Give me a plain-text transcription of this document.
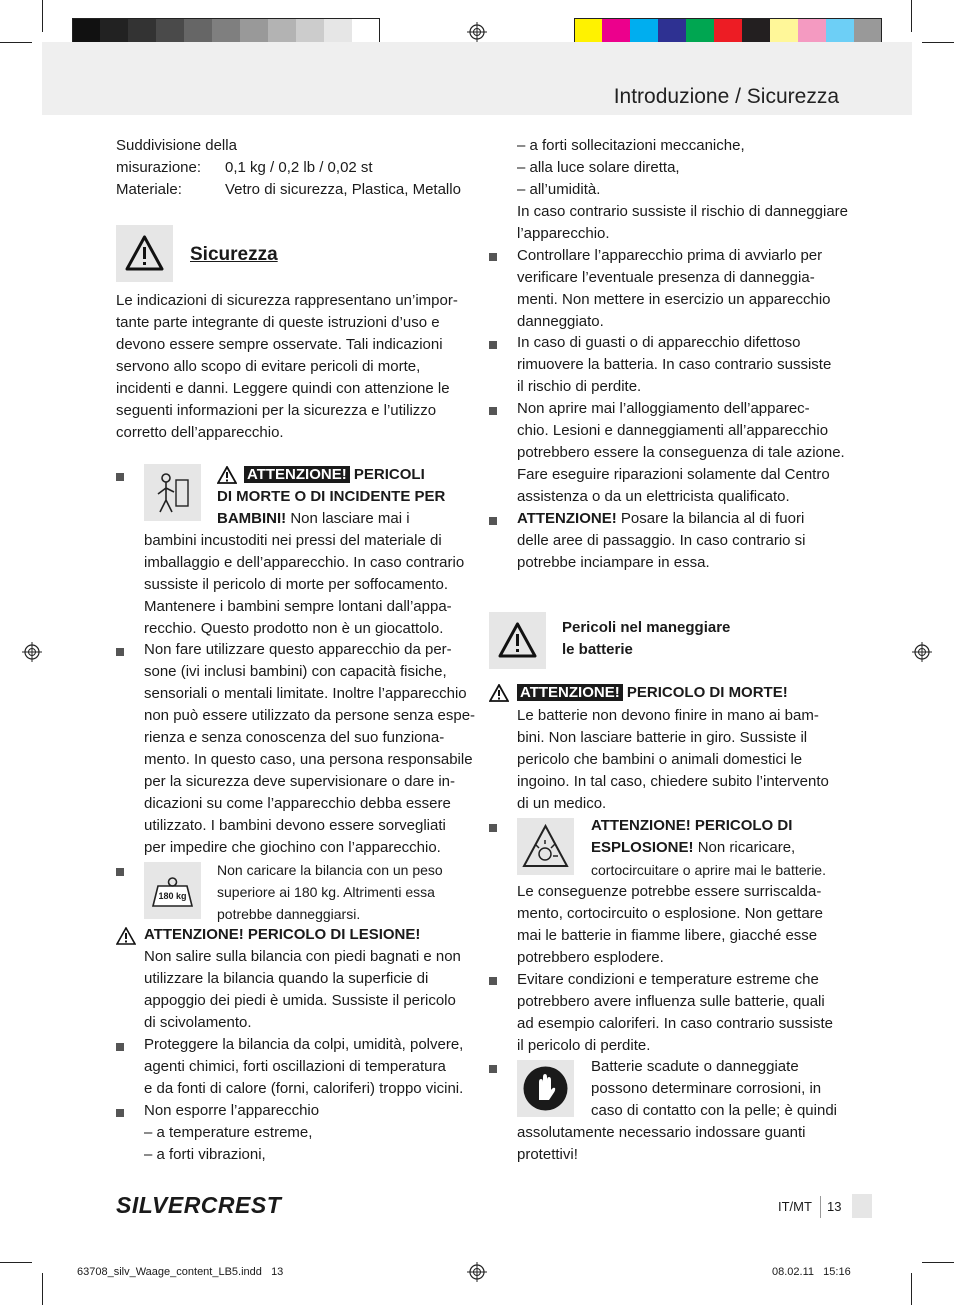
Introduzione / Sicurezza
Suddivisione della
misurazione: 0,1 kg / 0,2 lb / 0,02 st
Materiale:	Vetro di sicurezza, Plastica, Metallo
Sicurezza
Le indicazioni di sicurezza rappresentano un’impor-
tante parte integrante di queste istruzioni d’uso e
devono essere sempre osservate. Tali indicazioni
servono allo scopo di evitare pericoli di morte,
incidenti e danni. Leggere quindi con attenzione le
seguenti informazioni per la sicurezza e l’utilizzo
corretto dell’apparecchio.
ATTENZIONE! PERICOLI
DI MORTE O DI INCIDENTE PER
BAMBINI! Non lasciare mai i
bambini incustoditi nei pressi del materiale di
imballaggio e dell’apparecchio. In caso contrario
sussiste il pericolo di morte per soffocamento.
Mantenere i bambini sempre lontani dall’appa-
recchio. Questo prodotto non è un giocattolo.
Non fare utilizzare questo apparecchio da per-
sone (ivi inclusi bambini) con capacità fisiche,
sensoriali o mentali limitate. Inoltre l’apparecchio
non può essere utilizzato da persone senza espe-
rienza e senza conoscenza del suo funziona-
mento. In questo caso, una persona responsabile
per la sicurezza deve supervisionare o dare in-
dicazioni su come l’apparecchio debba essere
utilizzato. I bambini devono essere sorvegliati
per impedire che giochino con l’apparecchio.
180 kg
Non caricare la bilancia con un peso
superiore ai 180 kg. Altrimenti essa
potrebbe danneggiarsi.
ATTENZIONE! PERICOLO DI LESIONE!
Non salire sulla bilancia con piedi bagnati e non
utilizzare la bilancia quando la superficie di
appoggio dei piedi è umida. Sussiste il pericolo
di scivolamento.
Proteggere la bilancia da colpi, umidità, polvere,
agenti chimici, forti oscillazioni di temperatura
e da fonti di calore (forni, caloriferi) troppo vicini.
Non esporre l’apparecchio
– a temperature estreme,
– a forti vibrazioni,
– a forti sollecitazioni meccaniche,
– alla luce solare diretta,
– all’umidità.
In caso contrario sussiste il rischio di danneggiare
l’apparecchio.
Controllare l’apparecchio prima di avviarlo per
verificare l’eventuale presenza di danneggia-
menti. Non mettere in esercizio un apparecchio
danneggiato.
In caso di guasti o di apparecchio difettoso
rimuovere la batteria. In caso contrario sussiste
il rischio di perdite.
Non aprire mai l’alloggiamento dell’apparec-
chio. Lesioni e danneggiamenti all’apparecchio
potrebbero essere la conseguenza di tale azione.
Fare eseguire riparazioni solamente dal Centro
assistenza o da un elettricista qualificato.
ATTENZIONE! Posare la bilancia al di fuori
delle aree di passaggio. In caso contrario si
potrebbe inciampare in essa.
Pericoli nel maneggiare
le batterie
ATTENZIONE! PERICOLO DI MORTE!
Le batterie non devono finire in mano ai bam-
bini. Non lasciare batterie in giro. Sussiste il
pericolo che bambini o animali domestici le
ingoino. In tal caso, chiedere subito l’intervento
di un medico.
ATTENZIONE! PERICOLO DI
ESPLOSIONE! Non ricaricare,
cortocircuitare o aprire mai le batterie.
Le conseguenze potrebbe essere surriscalda-
mento, cortocircuito o esplosione. Non gettare
mai le batterie in fiamme libere, giacché esse
potrebbero esplodere.
Evitare condizioni e temperature estreme che
potrebbero avere influenza sulle batterie, quali
ad esempio caloriferi. In caso contrario sussiste
il pericolo di perdite.
Batterie scadute o danneggiate
possono determinare corrosioni, in
caso di contatto con la pelle; è quindi
assolutamente necessario indossare guanti
protettivi!
SILVERCREST	IT/MT 13
63708_silv_Waage_content_LB5.indd   13	08.02.11   15:16
